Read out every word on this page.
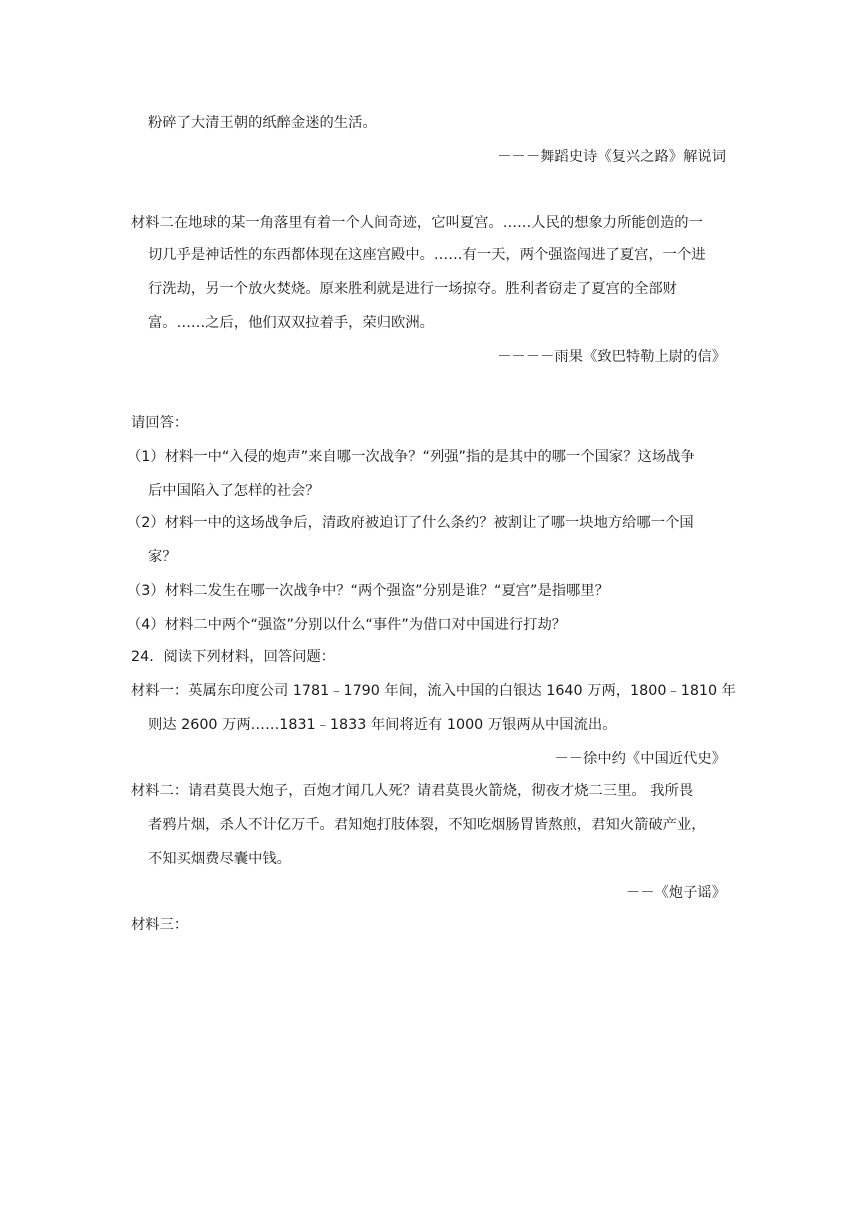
粉碎了大清王朝的纸醉金迷的生活。
－－－舞蹈史诗《复兴之路》解说词
材料二在地球的某一角落里有着一个人间奇迹，它叫夏宫。……人民的想象力所能创造的一
切几乎是神话性的东西都体现在这座宫殿中。……有一天，两个强盗闯进了夏宫，一个进
行洗劫，另一个放火焚烧。原来胜利就是进行一场掠夺。胜利者窃走了夏宫的全部财
富。……之后，他们双双拉着手，荣归欧洲。
－－－－雨果《致巴特勒上尉的信》
请回答：
（1）材料一中“入侵的炮声”来自哪一次战争？“列强”指的是其中的哪一个国家？这场战争
后中国陷入了怎样的社会？
（2）材料一中的这场战争后，清政府被迫订了什么条约？被割让了哪一块地方给哪一个国
家？
（3）材料二发生在哪一次战争中？“两个强盗”分别是谁？“夏宫”是指哪里？
（4）材料二中两个“强盗”分别以什么“事件”为借口对中国进行打劫？
24．阅读下列材料，回答问题：
材料一：英属东印度公司 1781﹣1790 年间，流入中国的白银达 1640 万两，1800﹣1810 年
则达 2600 万两……1831﹣1833 年间将近有 1000 万银两从中国流出。
－－徐中约《中国近代史》
材料二：请君莫畏大炮子，百炮才闻几人死？请君莫畏火箭烧，彻夜才烧二三里。 我所畏
者鸦片烟，杀人不计亿万千。君知炮打肢体裂，不知吃烟肠胃皆熬煎，君知火箭破产业，
不知买烟费尽囊中钱。
－－《炮子谣》
材料三：
